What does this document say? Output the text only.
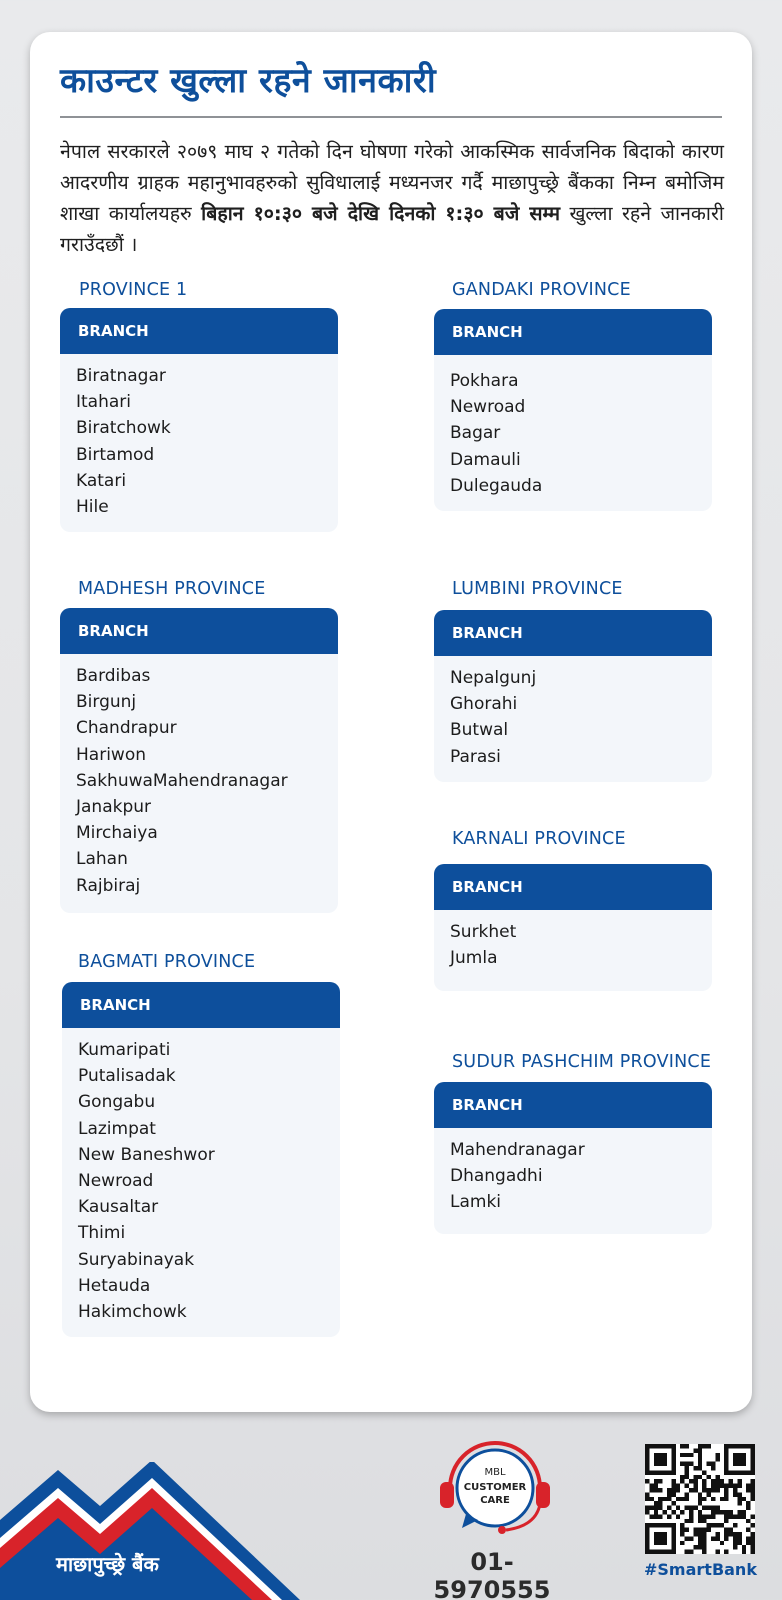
काउन्टर खुल्ला रहने जानकारी

नेपाल सरकारले २०७९ माघ २ गतेको दिन घोषणा गरेको आकस्मिक सार्वजनिक बिदाको कारण आदरणीय ग्राहक महानुभावहरुको सुविधालाई मध्यनजर गर्दै माछापुच्छ्रे बैंकका निम्न बमोजिम शाखा कार्यालयहरु बिहान १०:३० बजे देखि दिनको १:३० बजे सम्म खुल्ला रहने जानकारी गराउँदछौं ।

PROVINCE 1
BRANCH
Biratnagar
Itahari
Biratchowk
Birtamod
Katari
Hile
MADHESH PROVINCE
BRANCH
Bardibas
Birgunj
Chandrapur
Hariwon
SakhuwaMahendranagar
Janakpur
Mirchaiya
Lahan
Rajbiraj
BAGMATI PROVINCE
BRANCH
Kumaripati
Putalisadak
Gongabu
Lazimpat
New Baneshwor
Newroad
Kausaltar
Thimi
Suryabinayak
Hetauda
Hakimchowk
GANDAKI PROVINCE
BRANCH
Pokhara
Newroad
Bagar
Damauli
Dulegauda
LUMBINI PROVINCE
BRANCH
Nepalgunj
Ghorahi
Butwal
Parasi
KARNALI PROVINCE
BRANCH
Surkhet
Jumla
SUDUR PASHCHIM PROVINCE
BRANCH
Mahendranagar
Dhangadhi
Lamki
माछापुच्छ्रे बैंक
MBL
CUSTOMER
CARE
01-5970555
#SmartBank
